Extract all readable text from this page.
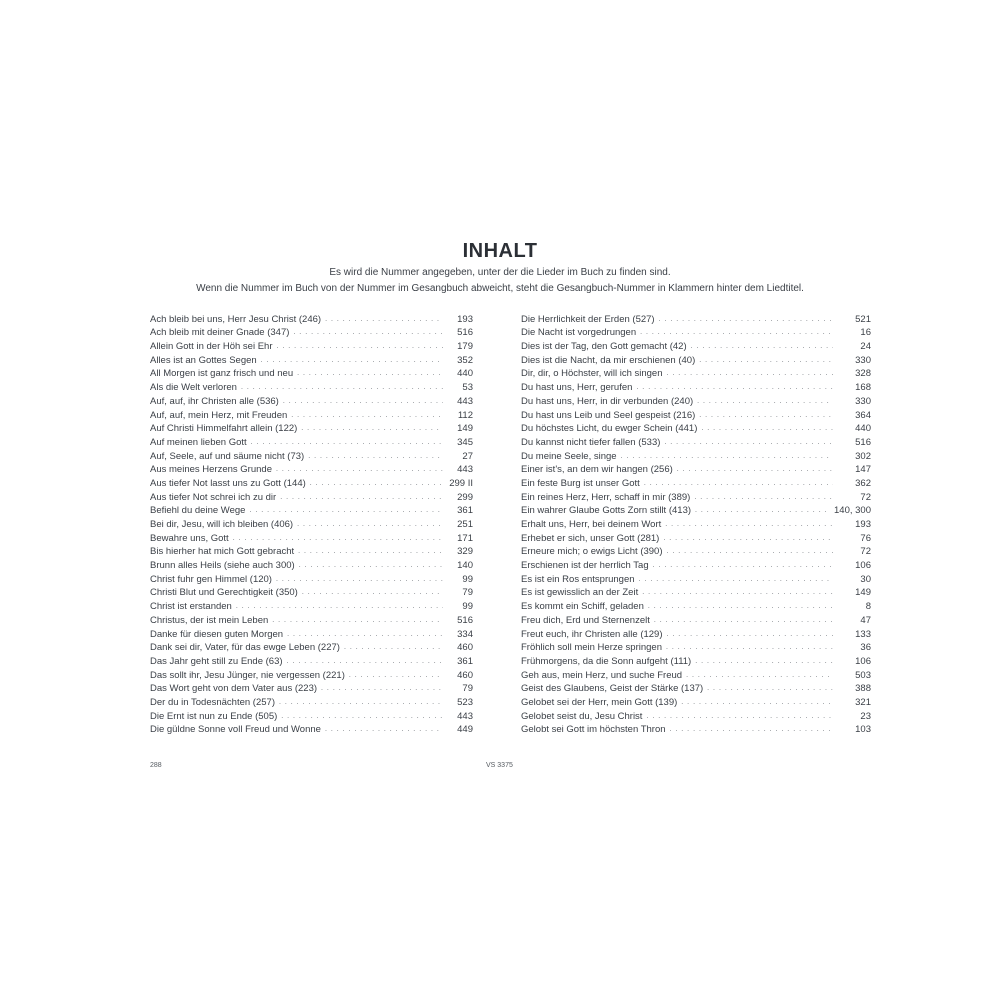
INHALT
Es wird die Nummer angegeben, unter der die Lieder im Buch zu finden sind.
Wenn die Nummer im Buch von der Nummer im Gesangbuch abweicht, steht die Gesangbuch-Nummer in Klammern hinter dem Liedtitel.
Ach bleib bei uns, Herr Jesu Christ (246) . . .	193
Ach bleib mit deiner Gnade (347) . . .	516
Allein Gott in der Höh sei Ehr . . .	179
Alles ist an Gottes Segen . . .	352
All Morgen ist ganz frisch und neu . . .	440
Als die Welt verloren . . .	53
Auf, auf, ihr Christen alle (536) . . .	443
Auf, auf, mein Herz, mit Freuden . . .	112
Auf Christi Himmelfahrt allein (122) . . .	149
Auf meinen lieben Gott . . .	345
Auf, Seele, auf und säume nicht (73) . . .	27
Aus meines Herzens Grunde . . .	443
Aus tiefer Not lasst uns zu Gott (144) . . .	299 II
Aus tiefer Not schrei ich zu dir . . .	299
Befiehl du deine Wege . . .	361
Bei dir, Jesu, will ich bleiben (406) . . .	251
Bewahre uns, Gott . . .	171
Bis hierher hat mich Gott gebracht . . .	329
Brunn alles Heils (siehe auch 300) . . .	140
Christ fuhr gen Himmel (120) . . .	99
Christi Blut und Gerechtigkeit (350) . . .	79
Christ ist erstanden . . .	99
Christus, der ist mein Leben . . .	516
Danke für diesen guten Morgen . . .	334
Dank sei dir, Vater, für das ewge Leben (227) . . .	460
Das Jahr geht still zu Ende (63) . . .	361
Das sollt ihr, Jesu Jünger, nie vergessen (221) . . .	460
Das Wort geht von dem Vater aus (223) . . .	79
Der du in Todesnächten (257) . . .	523
Die Ernt ist nun zu Ende (505) . . .	443
Die güldne Sonne voll Freud und Wonne . . .	449
Die Herrlichkeit der Erden (527) . . .	521
Die Nacht ist vorgedrungen . . .	16
Dies ist der Tag, den Gott gemacht (42) . . .	24
Dies ist die Nacht, da mir erschienen (40) . . .	330
Dir, dir, o Höchster, will ich singen . . .	328
Du hast uns, Herr, gerufen . . .	168
Du hast uns, Herr, in dir verbunden (240) . . .	330
Du hast uns Leib und Seel gespeist (216) . . .	364
Du höchstes Licht, du ewger Schein (441) . . .	440
Du kannst nicht tiefer fallen (533) . . .	516
Du meine Seele, singe . . .	302
Einer ist's, an dem wir hangen (256) . . .	147
Ein feste Burg ist unser Gott . . .	362
Ein reines Herz, Herr, schaff in mir (389) . . .	72
Ein wahrer Glaube Gotts Zorn stillt (413) . . .	140, 300
Erhalt uns, Herr, bei deinem Wort . . .	193
Erhebet er sich, unser Gott (281) . . .	76
Erneure mich; o ewigs Licht (390) . . .	72
Erschienen ist der herrlich Tag . . .	106
Es ist ein Ros entsprungen . . .	30
Es ist gewisslich an der Zeit . . .	149
Es kommt ein Schiff, geladen . . .	8
Freu dich, Erd und Sternenzelt . . .	47
Freut euch, ihr Christen alle (129) . . .	133
Fröhlich soll mein Herze springen . . .	36
Frühmorgens, da die Sonn aufgeht (111) . . .	106
Geh aus, mein Herz, und suche Freud . . .	503
Geist des Glaubens, Geist der Stärke (137) . . .	388
Gelobet sei der Herr, mein Gott (139) . . .	321
Gelobet seist du, Jesu Christ . . .	23
Gelobt sei Gott im höchsten Thron . . .	103
288	VS 3375
